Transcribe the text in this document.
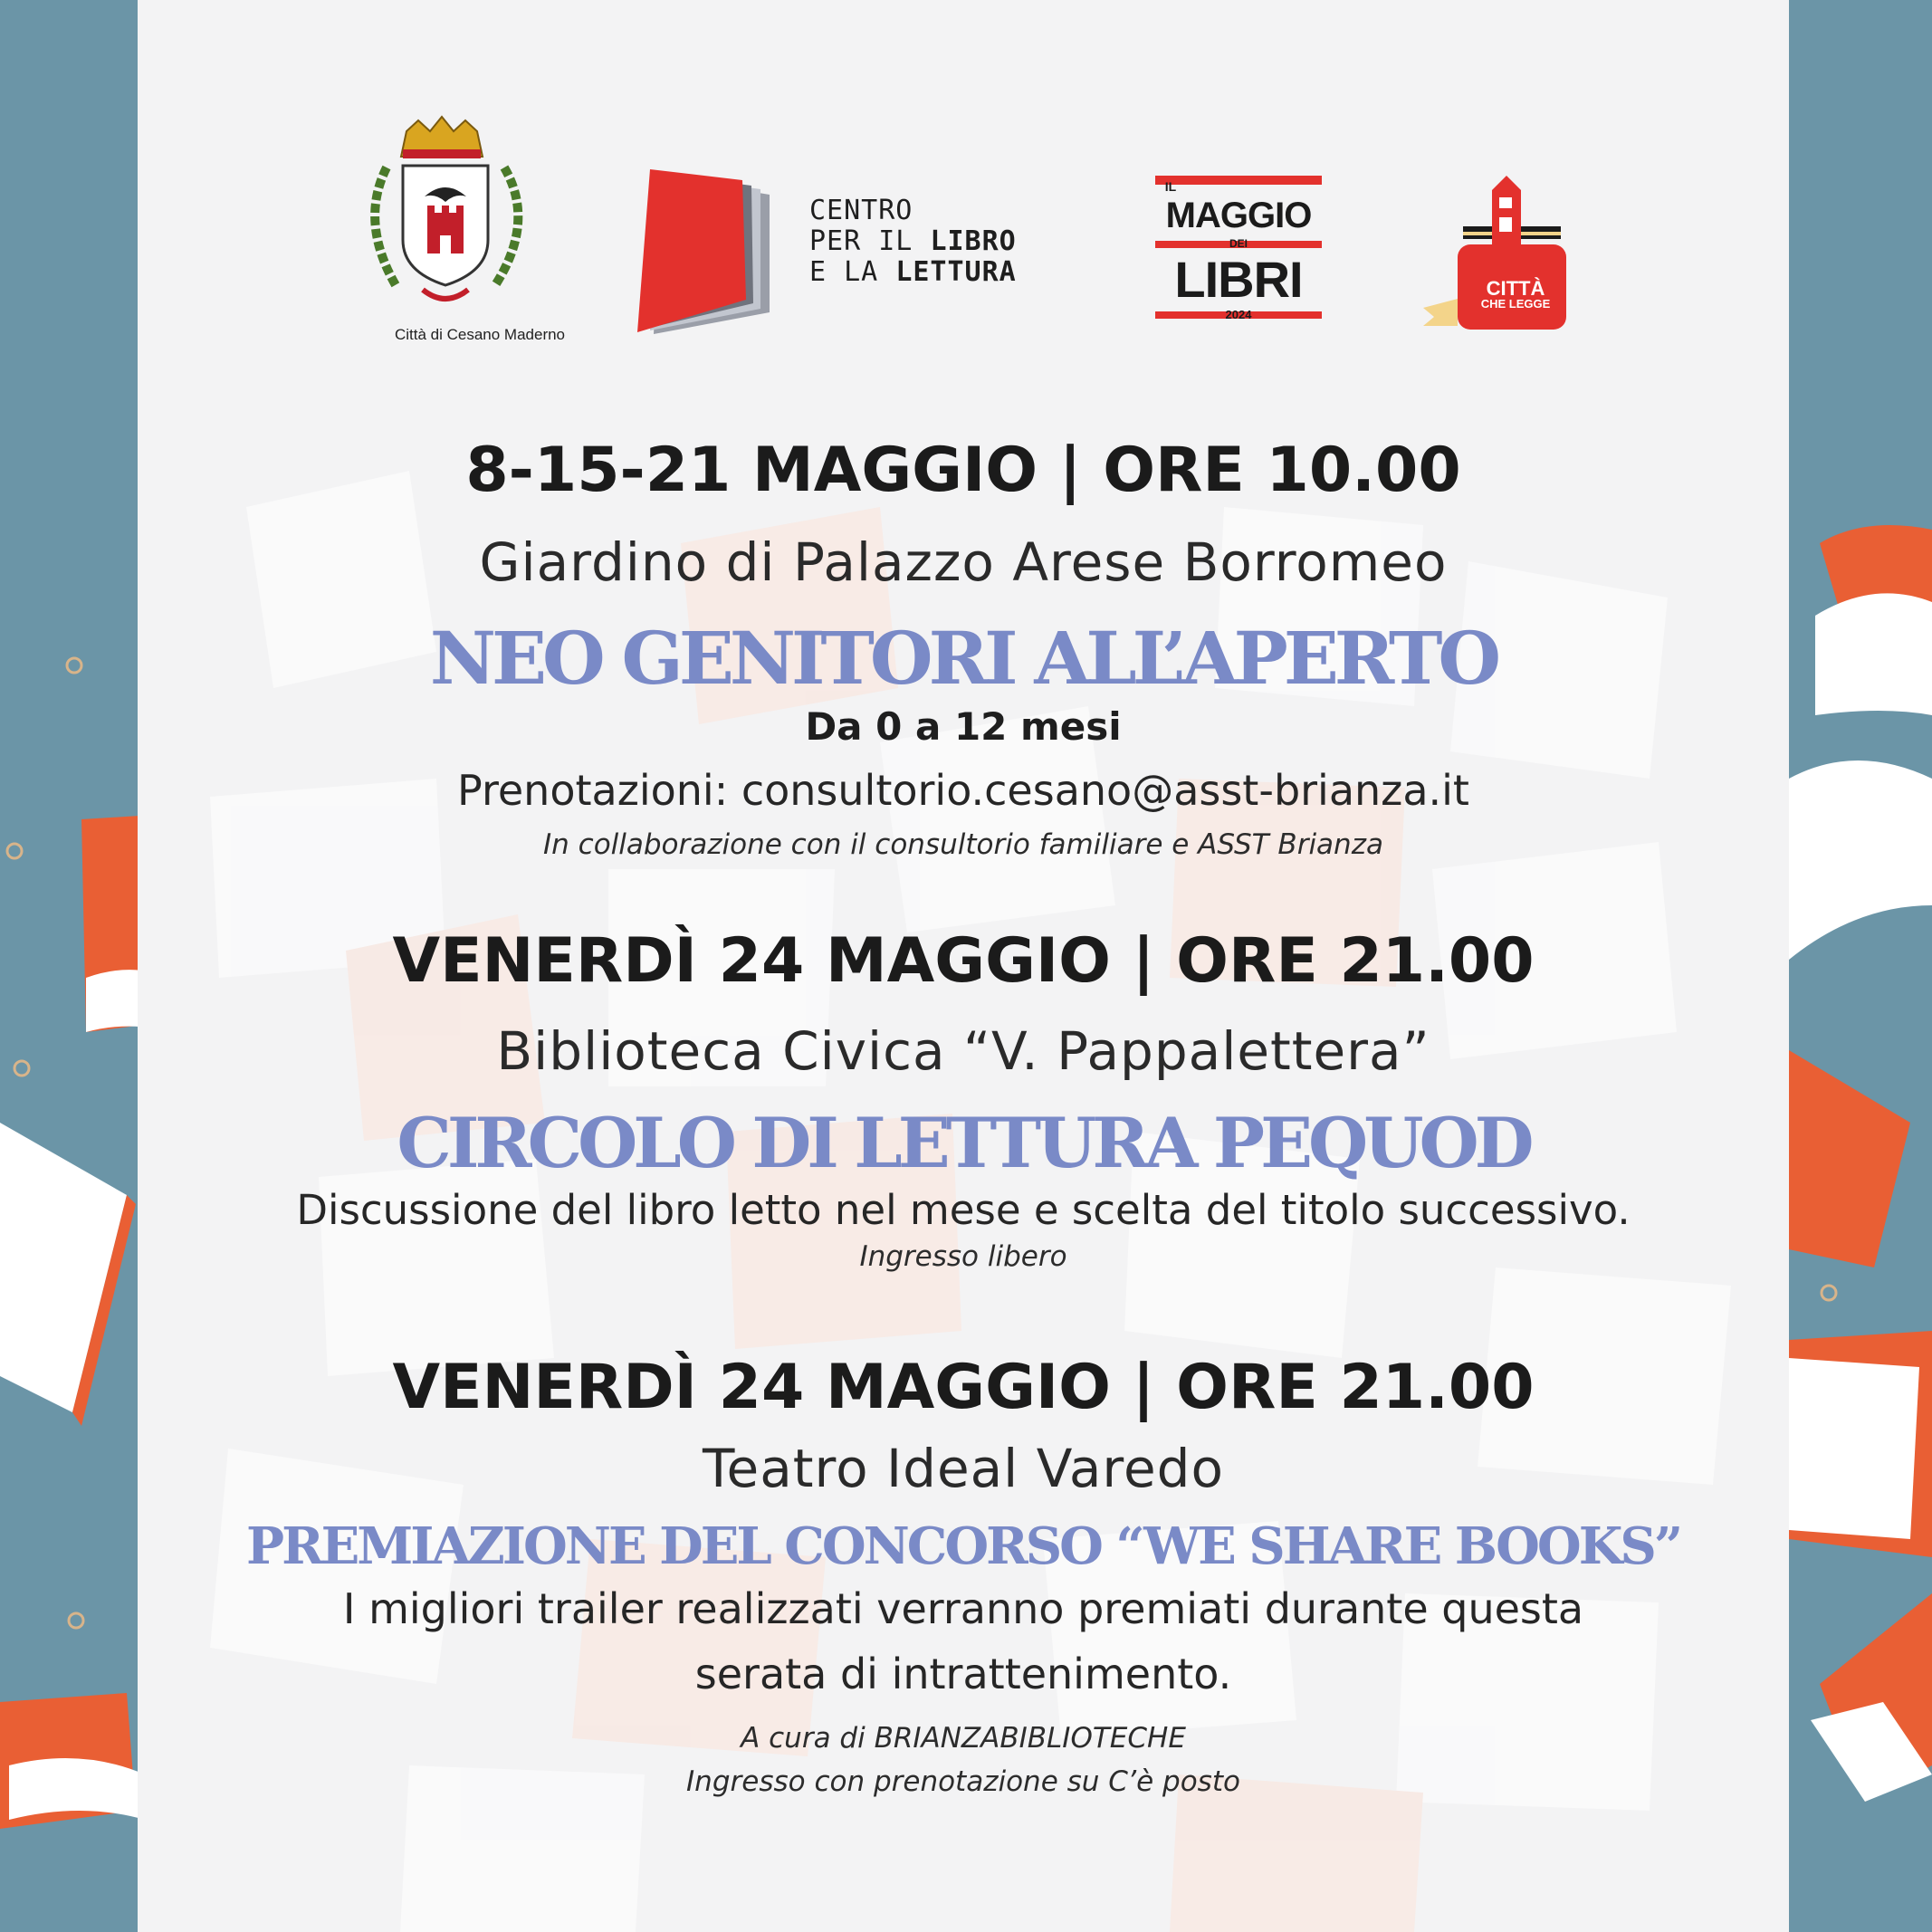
Città di Cesano Maderno
CENTRO
PER IL LIBRO
E LA LETTURA
IL
MAGGIO
DEI
LIBRI
2024
CITTÀ
CHE LEGGE
8-15-21 MAGGIO | ORE 10.00
Giardino di Palazzo Arese Borromeo
NEO GENITORI ALL’APERTO
Da 0 a 12 mesi
Prenotazioni: consultorio.cesano@asst-brianza.it
In collaborazione con il consultorio familiare e ASST Brianza
VENERDÌ 24 MAGGIO | ORE 21.00
Biblioteca Civica “V. Pappalettera”
CIRCOLO DI LETTURA PEQUOD
Discussione del libro letto nel mese e scelta del titolo successivo.
Ingresso libero
VENERDÌ 24 MAGGIO | ORE 21.00
Teatro Ideal Varedo
PREMIAZIONE DEL CONCORSO “WE SHARE BOOKS”
I migliori trailer realizzati verranno premiati durante questa
serata di intrattenimento.
A cura di BRIANZABIBLIOTECHE
Ingresso con prenotazione su C’è posto
